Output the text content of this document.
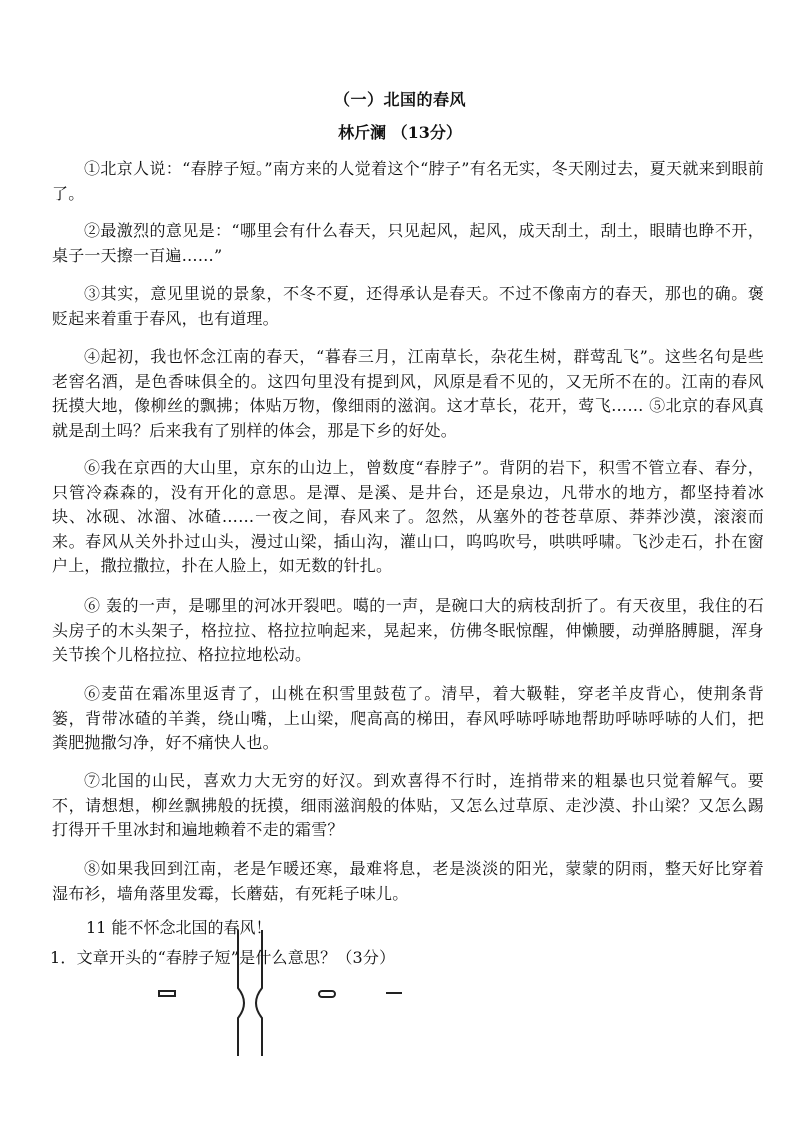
（一）北国的春风
林斤澜 （13分）
①北京人说：“春脖子短。”南方来的人觉着这个“脖子”有名无实，冬天刚过去，夏天就来到眼前了。
②最激烈的意见是：“哪里会有什么春天，只见起风，起风，成天刮土，刮土，眼睛也睁不开，桌子一天擦一百遍……”
③其实，意见里说的景象，不冬不夏，还得承认是春天。不过不像南方的春天，那也的确。褒贬起来着重于春风，也有道理。
④起初，我也怀念江南的春天，“暮春三月，江南草长，杂花生树，群莺乱飞”。这些名句是些老窖名酒，是色香味俱全的。这四句里没有提到风，风原是看不见的，又无所不在的。江南的春风抚摸大地，像柳丝的飘拂；体贴万物，像细雨的滋润。这才草长，花开，莺飞…… ⑤北京的春风真就是刮土吗？后来我有了别样的体会，那是下乡的好处。
⑥我在京西的大山里，京东的山边上，曾数度“春脖子”。背阴的岩下，积雪不管立春、春分，只管冷森森的，没有开化的意思。是潭、是溪、是井台，还是泉边，凡带水的地方，都坚持着冰块、冰砚、冰溜、冰碴……一夜之间，春风来了。忽然，从塞外的苍苍草原、莽莽沙漠，滚滚而来。春风从关外扑过山头，漫过山梁，插山沟，灌山口，呜呜吹号，哄哄呼啸。飞沙走石，扑在窗户上，撒拉撒拉，扑在人脸上，如无数的针扎。
⑥ 轰的一声，是哪里的河冰开裂吧。噶的一声，是碗口大的病枝刮折了。有天夜里，我住的石头房子的木头架子，格拉拉、格拉拉响起来，晃起来，仿佛冬眠惊醒，伸懒腰，动弹胳膊腿，浑身关节挨个儿格拉拉、格拉拉地松动。
⑥麦苗在霜冻里返青了，山桃在积雪里鼓苞了。清早，着大靸鞋，穿老羊皮背心，使荆条背篓，背带冰碴的羊粪，绕山嘴，上山梁，爬高高的梯田，春风呼哧呼哧地帮助呼哧呼哧的人们，把粪肥抛撒匀净，好不痛快人也。
⑦北国的山民，喜欢力大无穷的好汉。到欢喜得不行时，连捎带来的粗暴也只觉着解气。要不，请想想，柳丝飘拂般的抚摸，细雨滋润般的体贴，又怎么过草原、走沙漠、扑山梁？又怎么踢打得开千里冰封和遍地赖着不走的霜雪？
⑧如果我回到江南，老是乍暖还寒，最难将息，老是淡淡的阳光，蒙蒙的阴雨，整天好比穿着湿布衫，墙角落里发霉，长蘑菇，有死耗子味儿。
11 能不怀念北国的春风！
1．文章开头的“春脖子短”是什么意思？（3分）
